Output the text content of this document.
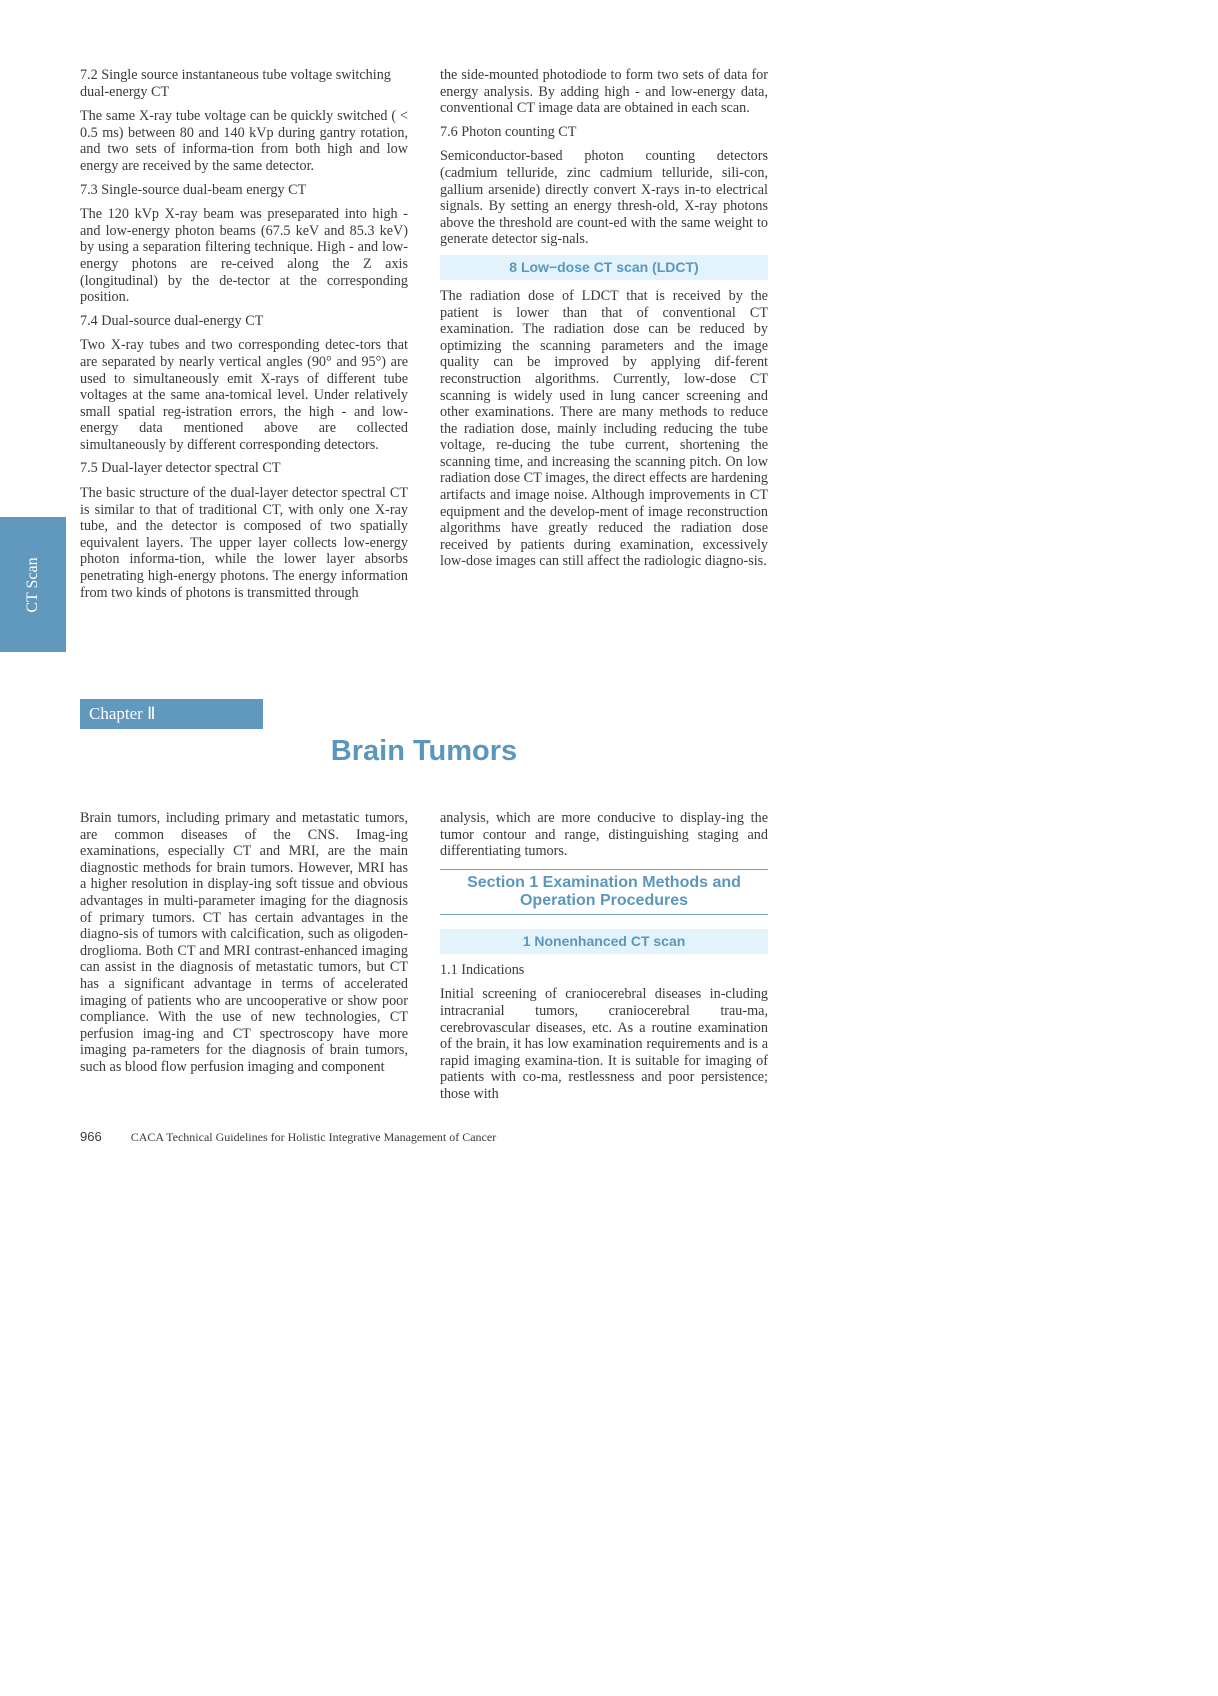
CT Scan
7.2 Single source instantaneous tube voltage switching dual-energy CT

The same X-ray tube voltage can be quickly switched ( < 0.5 ms) between 80 and 140 kVp during gantry rotation, and two sets of informa-tion from both high and low energy are received by the same detector.

7.3 Single-source dual-beam energy CT

The 120 kVp X-ray beam was preseparated into high - and low-energy photon beams (67.5 keV and 85.3 keV) by using a separation filtering technique. High - and low-energy photons are re-ceived along the Z axis (longitudinal) by the de-tector at the corresponding position.

7.4 Dual-source dual-energy CT

Two X-ray tubes and two corresponding detec-tors that are separated by nearly vertical angles (90° and 95°) are used to simultaneously emit X-rays of different tube voltages at the same ana-tomical level. Under relatively small spatial reg-istration errors, the high - and low-energy data mentioned above are collected simultaneously by different corresponding detectors.

7.5 Dual-layer detector spectral CT

The basic structure of the dual-layer detector spectral CT is similar to that of traditional CT, with only one X-ray tube, and the detector is composed of two spatially equivalent layers. The upper layer collects low-energy photon informa-tion, while the lower layer absorbs penetrating high-energy photons. The energy information from two kinds of photons is transmitted through

the side-mounted photodiode to form two sets of data for energy analysis. By adding high - and low-energy data, conventional CT image data are obtained in each scan.

7.6 Photon counting CT

Semiconductor-based photon counting detectors (cadmium telluride, zinc cadmium telluride, sili-con, gallium arsenide) directly convert X-rays in-to electrical signals. By setting an energy thresh-old, X-ray photons above the threshold are count-ed with the same weight to generate detector sig-nals.

8 Low−dose CT scan (LDCT)

The radiation dose of LDCT that is received by the patient is lower than that of conventional CT examination. The radiation dose can be reduced by optimizing the scanning parameters and the image quality can be improved by applying dif-ferent reconstruction algorithms. Currently, low-dose CT scanning is widely used in lung cancer screening and other examinations. There are many methods to reduce the radiation dose, mainly including reducing the tube voltage, re-ducing the tube current, shortening the scanning time, and increasing the scanning pitch. On low radiation dose CT images, the direct effects are hardening artifacts and image noise. Although improvements in CT equipment and the develop-ment of image reconstruction algorithms have greatly reduced the radiation dose received by patients during examination, excessively low-dose images can still affect the radiologic diagno-sis.

Chapter Ⅱ
Brain Tumors

Brain tumors, including primary and metastatic tumors, are common diseases of the CNS. Imag-ing examinations, especially CT and MRI, are the main diagnostic methods for brain tumors. However, MRI has a higher resolution in display-ing soft tissue and obvious advantages in multi-parameter imaging for the diagnosis of primary tumors. CT has certain advantages in the diagno-sis of tumors with calcification, such as oligoden-droglioma. Both CT and MRI contrast-enhanced imaging can assist in the diagnosis of metastatic tumors, but CT has a significant advantage in terms of accelerated imaging of patients who are uncooperative or show poor compliance. With the use of new technologies, CT perfusion imag-ing and CT spectroscopy have more imaging pa-rameters for the diagnosis of brain tumors, such as blood flow perfusion imaging and component

analysis, which are more conducive to display-ing the tumor contour and range, distinguishing staging and differentiating tumors.

Section 1 Examination Methods and Operation Procedures
1 Nonenhanced CT scan
1.1 Indications

Initial screening of craniocerebral diseases in-cluding intracranial tumors, craniocerebral trau-ma, cerebrovascular diseases, etc. As a routine examination of the brain, it has low examination requirements and is a rapid imaging examina-tion. It is suitable for imaging of patients with co-ma, restlessness and poor persistence; those with

966 CACA Technical Guidelines for Holistic Integrative Management of Cancer
